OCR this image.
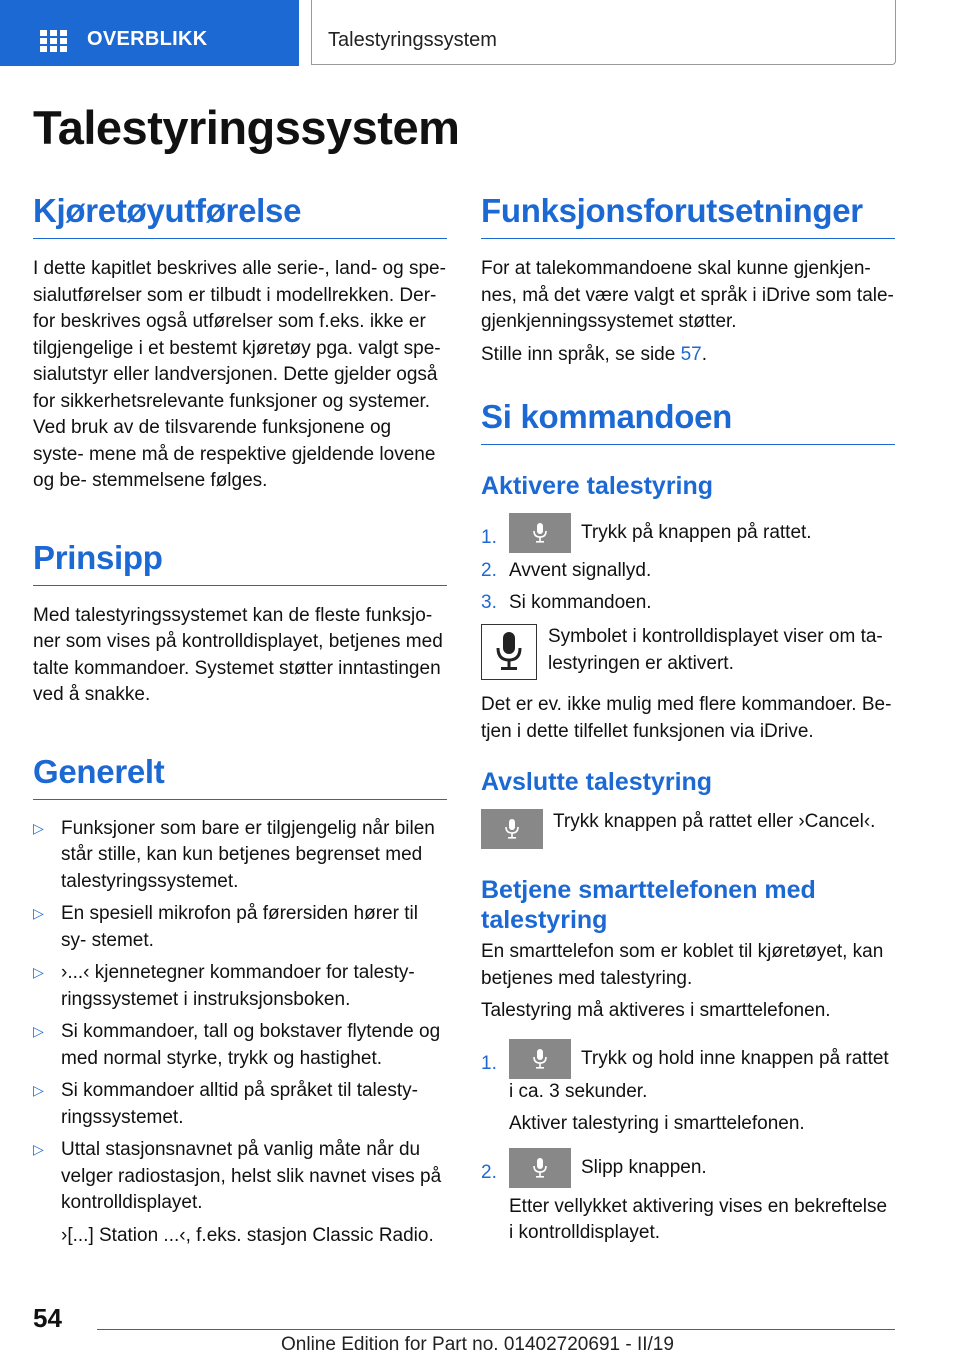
OVERBLIKK	Talestyringssystem
Talestyringssystem
Kjøretøyutførelse

I dette kapitlet beskrives alle serie-, land- og spe- sialutførelser som er tilbudt i modellrekken. Der- for beskrives også utførelser som f.eks. ikke er tilgjengelige i et bestemt kjøretøy pga. valgt spe- sialutstyr eller landversjonen. Dette gjelder også for sikkerhetsrelevante funksjoner og systemer. Ved bruk av de tilsvarende funksjonene og syste- mene må de respektive gjeldende lovene og be- stemmelsene følges.

Prinsipp

Med talestyringssystemet kan de fleste funksjo- ner som vises på kontrolldisplayet, betjenes med talte kommandoer. Systemet støtter inntastingen ved å snakke.

Generelt
▷ Funksjoner som bare er tilgjengelig når bilen står stille, kan kun betjenes begrenset med talestyringssystemet.
▷ En spesiell mikrofon på førersiden hører til sy- stemet.
▷ ›...‹ kjennetegner kommandoer for talesty- ringssystemet i instruksjonsboken.
▷ Si kommandoer, tall og bokstaver flytende og med normal styrke, trykk og hastighet.
▷ Si kommandoer alltid på språket til talesty- ringssystemet.
▷ Uttal stasjonsnavnet på vanlig måte når du velger radiostasjon, helst slik navnet vises på kontrolldisplayet.

›[...] Station ...‹, f.eks. stasjon Classic Radio.

Funksjonsforutsetninger

For at talekommandoene skal kunne gjenkjen- nes, må det være valgt et språk i iDrive som tale- gjenkjenningssystemet støtter.

Stille inn språk, se side 57.

Si kommandoen
Aktivere talestyring
1.	Trykk på knappen på rattet.
2. Avvent signallyd.
3. Si kommandoen.

Symbolet i kontrolldisplayet viser om ta- lestyringen er aktivert.

Det er ev. ikke mulig med flere kommandoer. Be- tjen i dette tilfellet funksjonen via iDrive.

Avslutte talestyring

Trykk knappen på rattet eller ›Cancel‹.

Betjene smarttelefonen med talestyring

En smarttelefon som er koblet til kjøretøyet, kan betjenes med talestyring.

Talestyring må aktiveres i smarttelefonen.

1.	Trykk og hold inne knappen på rattet i ca. 3 sekunder.
Aktiver talestyring i smarttelefonen.
2.	Slipp knappen.
Etter vellykket aktivering vises en bekreftelse i kontrolldisplayet.
54
Online Edition for Part no. 01402720691 - II/19
